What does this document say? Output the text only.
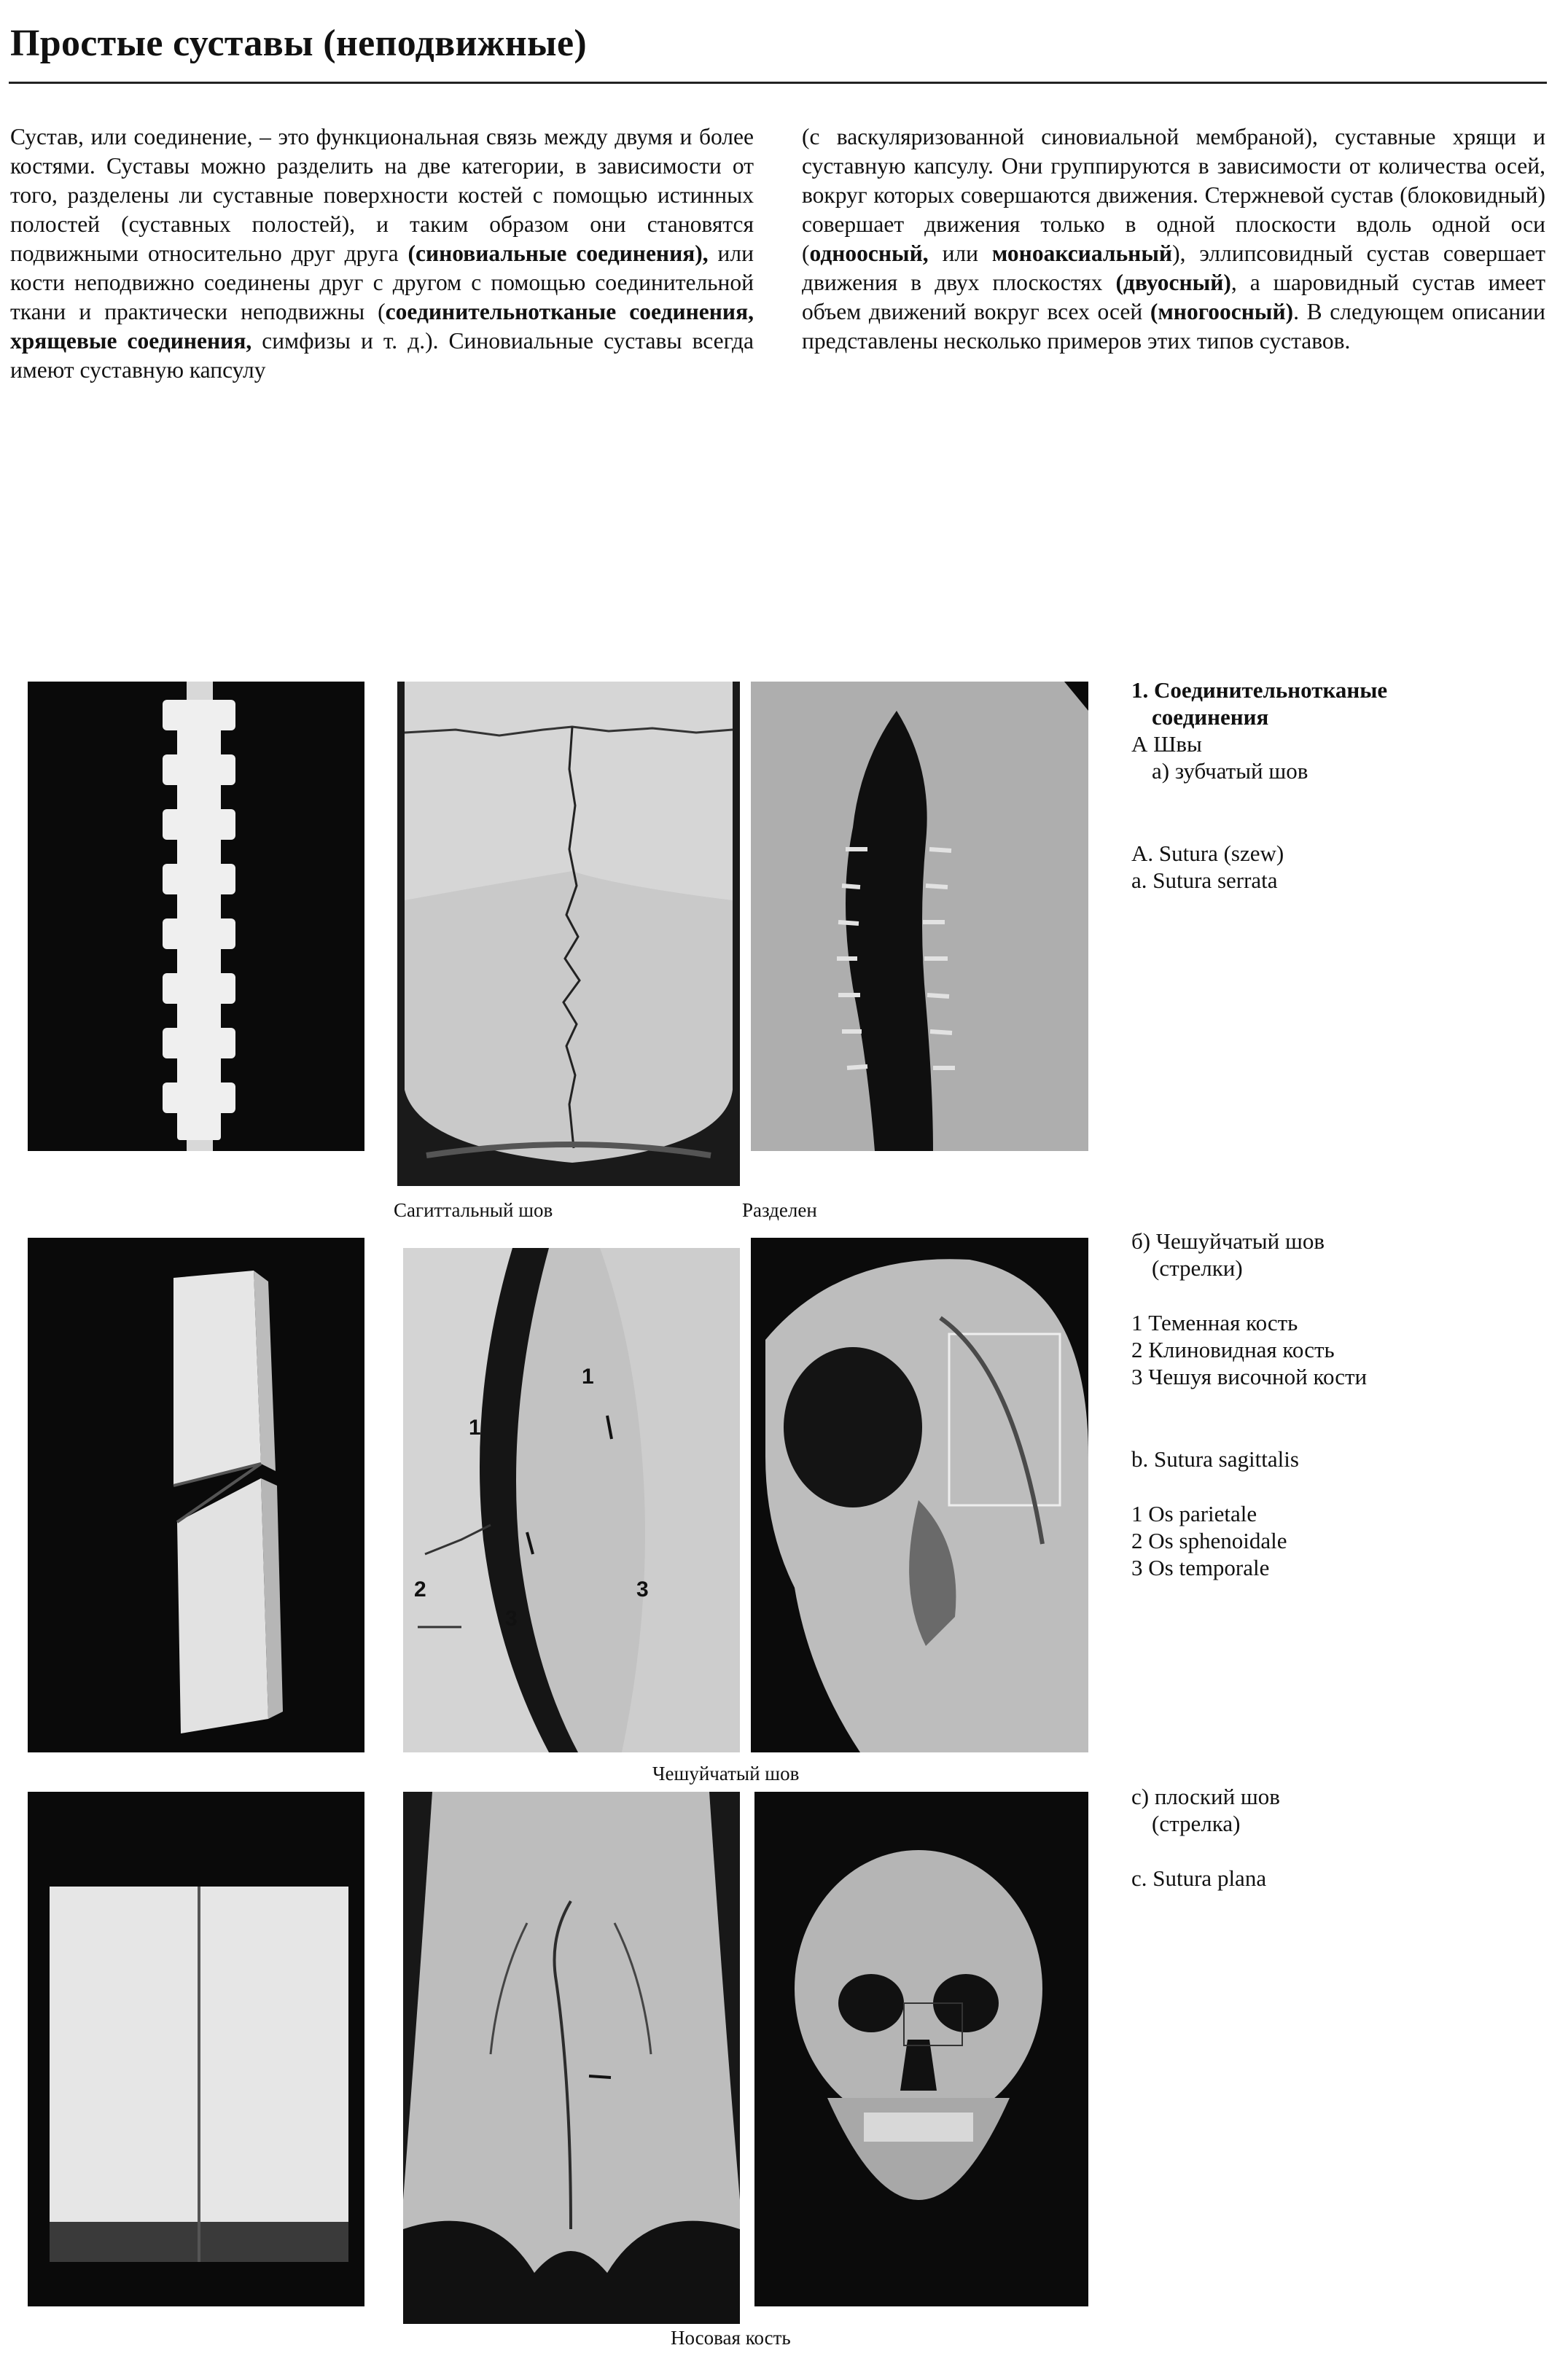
Простые суставы (неподвижные)

Сустав, или соединение, – это функциональная связь между двумя и более костями. Суставы можно разделить на две категории, в зависимости от того, разделены ли суставные поверхности костей с помощью истинных полостей (суставных полостей), и таким образом они становятся подвижными относительно друг друга (синовиальные соединения), или кости неподвижно соединены друг с другом с помощью соединительной ткани и практически неподвижны (соединительнотканые соединения, хрящевые соединения, симфизы и т. д.). Синовиальные суставы всегда имеют суставную капсулу

(с васкуляризованной синовиальной мембраной), суставные хрящи и суставную капсулу. Они группируются в зависимости от количества осей, вокруг которых совершаются движения. Стержневой сустав (блоковидный) совершает движения только в одной плоскости вдоль одной оси (одноосный, или моноаксиальный), эллипсовидный сустав совершает движения в двух плоскостях (двуосный), а шаровидный сустав имеет объем движений вокруг всех осей (многоосный). В следующем описании представлены несколько примеров этих типов суставов.

Сагиттальный шов	Разделен
1. Соединительнотканые
соединения
А Швы
а) зубчатый шов
A. Sutura (szew)
a. Sutura serrata
1
1
2
3
3
Чешуйчатый шов
б) Чешуйчатый шов
(стрелки)
1 Теменная кость
2 Клиновидная кость
3 Чешуя височной кости
b. Sutura sagittalis
1 Os parietale
2 Os sphenoidale
3 Os temporale
Носовая кость
с) плоский шов
(стрелка)
c. Sutura plana
